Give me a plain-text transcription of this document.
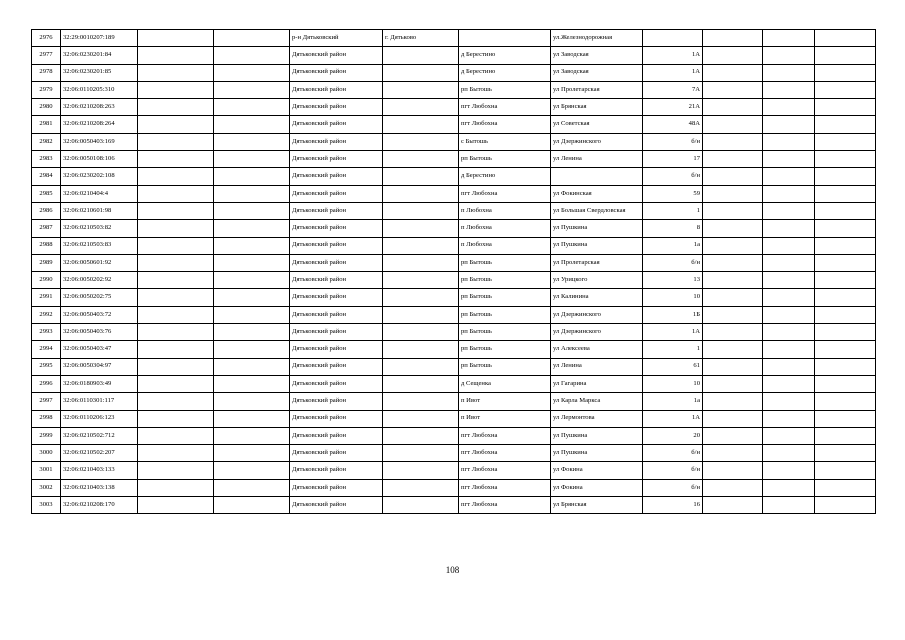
2976	32:29:0010207:189			р-н Дятьковский	г. Дятьково		ул.Железнодорожная				
2977	32:06:0230201:84			Дятьковский район		д Берестино	ул Заводская	1А			
2978	32:06:0230201:85			Дятьковский район		д Берестино	ул Заводская	1А			
2979	32:06:0110205:310			Дятьковский район		рп Бытошь	ул Пролетарская	7А			
2980	32:06:0210208:263			Дятьковский район		пгт Любохна	ул Брянская	21А			
2981	32:06:0210208:264			Дятьковский район		пгт Любохна	ул Советская	48А			
2982	32:06:0050403:169			Дятьковский район		с Бытошь	ул Дзержинского	б/н			
2983	32:06:0050108:106			Дятьковский район		рп Бытошь	ул Ленина	17			
2984	32:06:0230202:108			Дятьковский район		д Берестино		б/н			
2985	32:06:0210404:4			Дятьковский район		пгт Любохна	ул Фокинская	59			
2986	32:06:0210601:98			Дятьковский район		п Любохна	ул Большая Свердловская	1			
2987	32:06:0210503:82			Дятьковский район		п Любохна	ул Пушкина	8			
2988	32:06:0210503:83			Дятьковский район		п Любохна	ул Пушкина	1а			
2989	32:06:0050601:92			Дятьковский район		рп Бытошь	ул Пролетарская	б/н			
2990	32:06:0050202:92			Дятьковский район		рп Бытошь	ул Урицкого	13			
2991	32:06:0050202:75			Дятьковский район		рп Бытошь	ул Калинина	10			
2992	32:06:0050403:72			Дятьковский район		рп Бытошь	ул Дзержинского	1Б			
2993	32:06:0050403:76			Дятьковский район		рп Бытошь	ул Дзержинского	1А			
2994	32:06:0050403:47			Дятьковский район		рп Бытошь	ул Алексеева	1			
2995	32:06:0050304:97			Дятьковский район		рп Бытошь	ул Ленина	61			
2996	32:06:0180903:49			Дятьковский район		д Сещенка	ул Гагарина	10			
2997	32:06:0110301:117			Дятьковский район		п Ивот	ул Карла Маркса	1а			
2998	32:06:0110206:123			Дятьковский район		п Ивот	ул Лермонтова	1А			
2999	32:06:0210502:712			Дятьковский район		пгт Любохна	ул Пушкина	20			
3000	32:06:0210502:207			Дятьковский район		пгт Любохна	ул Пушкина	б/н			
3001	32:06:0210403:133			Дятьковский район		пгт Любохна	ул Фокина	б/н			
3002	32:06:0210403:138			Дятьковский район		пгт Любохна	ул Фокина	б/н			
3003	32:06:0210208:170			Дятьковский район		пгт Любохна	ул Брянская	16			
108
